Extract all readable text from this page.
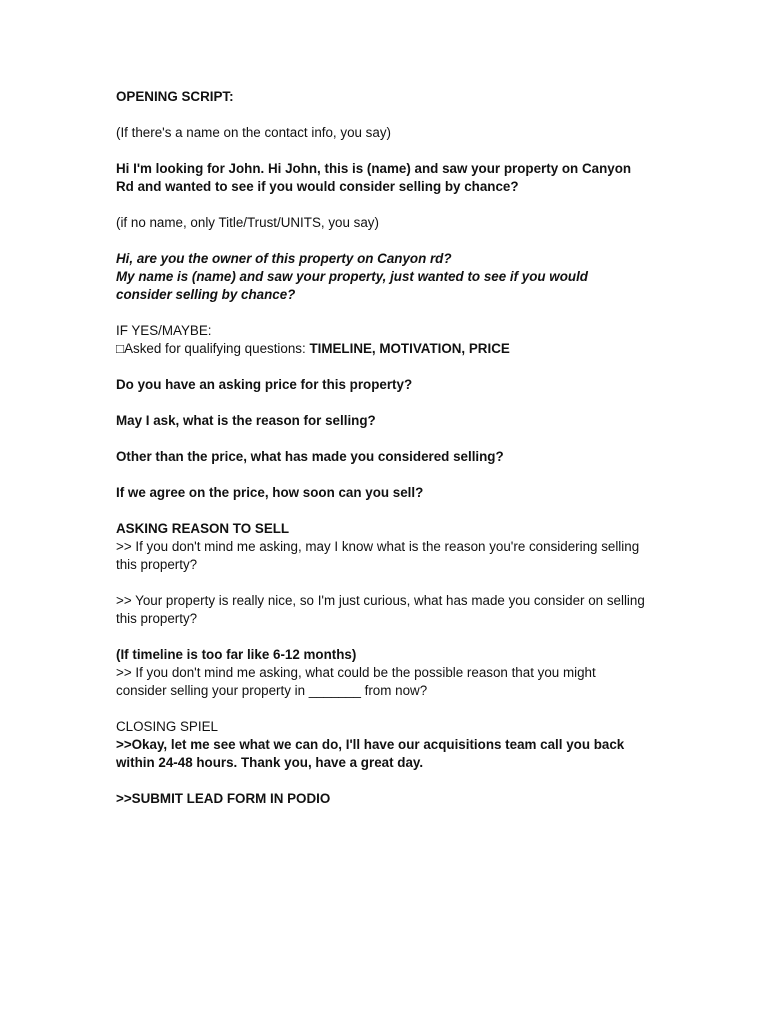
OPENING SCRIPT:
(If there's a name on the contact info, you say)
Hi I'm looking for John. Hi John, this is (name) and saw your property on Canyon Rd and wanted to see if you would consider selling by chance?
(if no name, only Title/Trust/UNITS, you say)
Hi, are you the owner of this property on Canyon rd?
My name is (name) and saw your property, just wanted to see if you would consider selling by chance?
IF YES/MAYBE:
□Asked for qualifying questions: TIMELINE, MOTIVATION, PRICE
Do you have an asking price for this property?
May I ask, what is the reason for selling?
Other than the price, what has made you considered selling?
If we agree on the price, how soon can you sell?
ASKING REASON TO SELL
>> If you don't mind me asking, may I know what is the reason you're considering selling this property?
>> Your property is really nice, so I'm just curious, what has made you consider on selling this property?
(If timeline is too far like 6-12 months)
>> If you don't mind me asking, what could be the possible reason that you might consider selling your property in _______ from now?
CLOSING SPIEL
>>Okay, let me see what we can do, I'll have our acquisitions team call you back within 24-48 hours. Thank you, have a great day.
>>SUBMIT LEAD FORM IN PODIO
